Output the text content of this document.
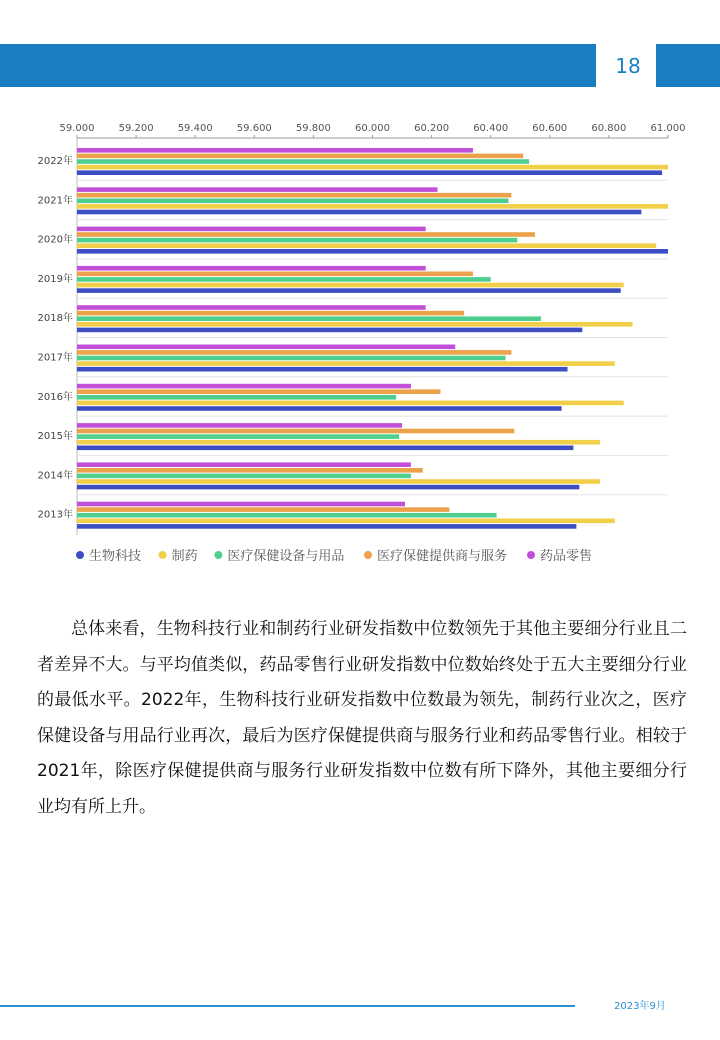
18
59.000 59.200 59.400 59.600 59.800 60.000 60.200 60.400 60.600 60.800 61.000
2022年
2021年
2020年
2019年
2018年
2017年
2016年
2015年
2014年
2013年
生物科技 制药 医疗保健设备与用品	医疗保健提供商与服务	药品零售
总体来看，生物科技行业和制药行业研发指数中位数领先于其他主要细分行业且二者差异不大。与平均值类似，药品零售行业研发指数中位数始终处于五大主要细分行业的最低水平。2022年，生物科技行业研发指数中位数最为领先，制药行业次之，医疗保健设备与用品行业再次，最后为医疗保健提供商与服务行业和药品零售行业。相较于2021年，除医疗保健提供商与服务行业研发指数中位数有所下降外，其他主要细分行业均有所上升。
2023年9月
